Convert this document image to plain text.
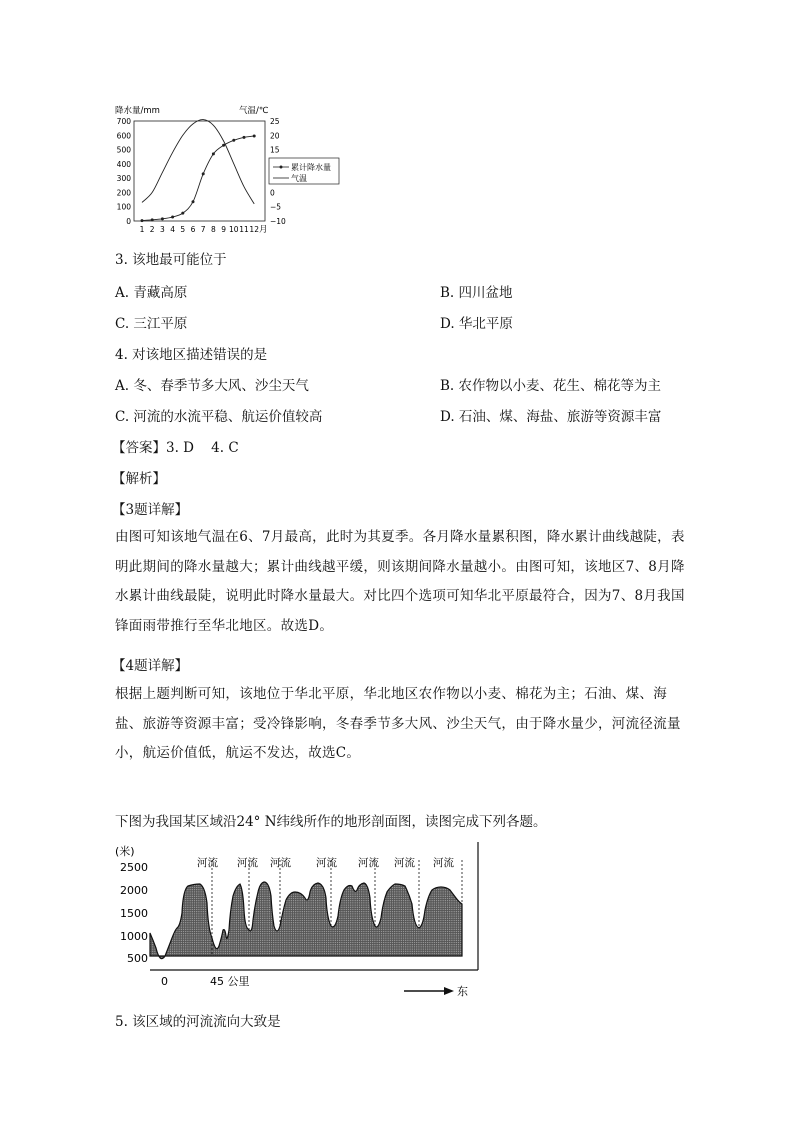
降水量/mm	气温/℃
700
600
500
400
300
200
100
0
25
20
15
0
−5
−10
1 2 3 4 5 6 7 8 9 10 11 12 月
累计降水量
气温
3. 该地最可能位于
A. 青藏高原	B. 四川盆地
C. 三江平原	D. 华北平原
4. 对该地区描述错误的是
A. 冬、春季节多大风、沙尘天气	B. 农作物以小麦、花生、棉花等为主
C. 河流的水流平稳、航运价值较高	D. 石油、煤、海盐、旅游等资源丰富
【答案】3. D    4. C
【解析】
【3题详解】
由图可知该地气温在6、7月最高，此时为其夏季。各月降水量累积图，降水累计曲线越陡，表明此期间的降水量越大；累计曲线越平缓，则该期间降水量越小。由图可知，该地区7、8月降水累计曲线最陡，说明此时降水量最大。对比四个选项可知华北平原最符合，因为7、8月我国锋面雨带推行至华北地区。故选D。
【4题详解】
根据上题判断可知，该地位于华北平原，华北地区农作物以小麦、棉花为主；石油、煤、海盐、旅游等资源丰富；受冷锋影响，冬春季节多大风、沙尘天气，由于降水量少，河流径流量小，航运价值低，航运不发达，故选C。
下图为我国某区域沿24° N纬线所作的地形剖面图，读图完成下列各题。
(米)
2500
2000
1500
1000
500
河流 河流 河流 河流 河流 河流 河流
0	45 公里
东
5. 该区域的河流流向大致是
